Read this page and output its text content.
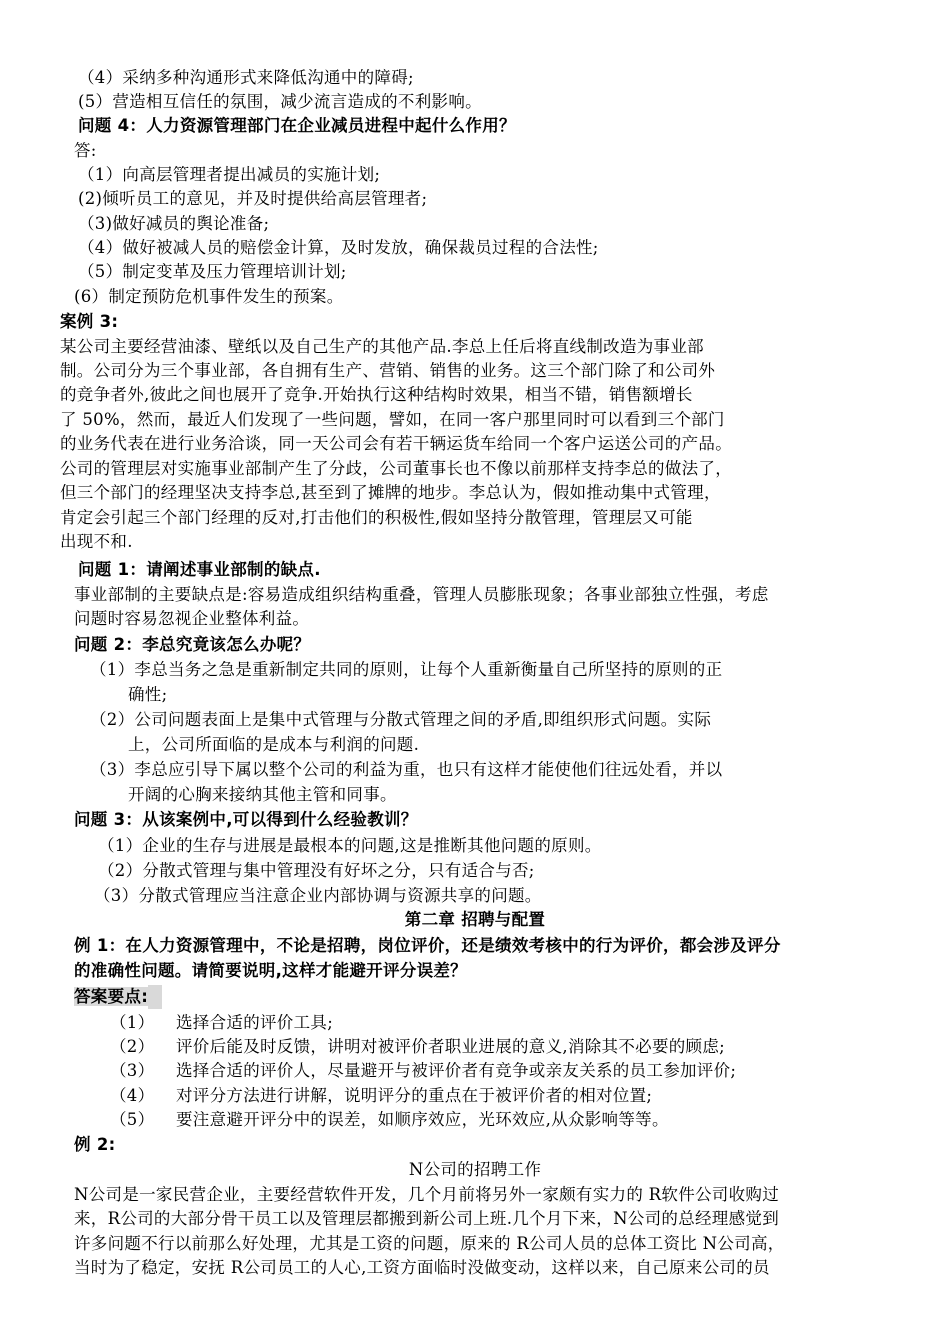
（4）采纳多种沟通形式来降低沟通中的障碍;
(5）营造相互信任的氛围，减少流言造成的不利影响。
问题 4：人力资源管理部门在企业减员进程中起什么作用？
答:
（1）向高层管理者提出减员的实施计划;
(2)倾听员工的意见，并及时提供给高层管理者;
（3)做好减员的舆论准备;
（4）做好被减人员的赔偿金计算，及时发放，确保裁员过程的合法性;
（5）制定变革及压力管理培训计划;
(6）制定预防危机事件发生的预案。
案例 3:
某公司主要经营油漆、壁纸以及自己生产的其他产品.李总上任后将直线制改造为事业部
制。公司分为三个事业部，各自拥有生产、营销、销售的业务。这三个部门除了和公司外
的竞争者外,彼此之间也展开了竞争.开始执行这种结构时效果，相当不错，销售额增长
了 50%，然而，最近人们发现了一些问题，譬如，在同一客户那里同时可以看到三个部门
的业务代表在进行业务洽谈，同一天公司会有若干辆运货车给同一个客户运送公司的产品。
公司的管理层对实施事业部制产生了分歧，公司董事长也不像以前那样支持李总的做法了，
但三个部门的经理坚决支持李总,甚至到了摊牌的地步。李总认为，假如推动集中式管理，
肯定会引起三个部门经理的反对,打击他们的积极性,假如坚持分散管理，管理层又可能
出现不和.
问题 1：请阐述事业部制的缺点.
事业部制的主要缺点是:容易造成组织结构重叠，管理人员膨胀现象；各事业部独立性强，考虑
问题时容易忽视企业整体利益。
问题 2：李总究竟该怎么办呢？
（1）李总当务之急是重新制定共同的原则，让每个人重新衡量自己所坚持的原则的正
确性;
（2）公司问题表面上是集中式管理与分散式管理之间的矛盾,即组织形式问题。实际
上，公司所面临的是成本与利润的问题.
（3）李总应引导下属以整个公司的利益为重，也只有这样才能使他们往远处看，并以
开阔的心胸来接纳其他主管和同事。
问题 3：从该案例中,可以得到什么经验教训？
（1）企业的生存与进展是最根本的问题,这是推断其他问题的原则。
（2）分散式管理与集中管理没有好坏之分，只有适合与否;
（3）分散式管理应当注意企业内部协调与资源共享的问题。
第二章 招聘与配置
例 1：在人力资源管理中，不论是招聘，岗位评价，还是绩效考核中的行为评价，都会涉及评分
的准确性问题。请简要说明,这样才能避开评分误差？
答案要点:
（1） 选择合适的评价工具;
（2） 评价后能及时反馈，讲明对被评价者职业进展的意义,消除其不必要的顾虑;
（3） 选择合适的评价人，尽量避开与被评价者有竞争或亲友关系的员工参加评价;
（4） 对评分方法进行讲解，说明评分的重点在于被评价者的相对位置;
（5） 要注意避开评分中的误差，如顺序效应，光环效应,从众影响等等。
例 2:
N公司的招聘工作
N公司是一家民营企业，主要经营软件开发，几个月前将另外一家颇有实力的 R软件公司收购过
来，R公司的大部分骨干员工以及管理层都搬到新公司上班.几个月下来，N公司的总经理感觉到
许多问题不行以前那么好处理，尤其是工资的问题，原来的 R公司人员的总体工资比 N公司高，
当时为了稳定，安抚 R公司员工的人心,工资方面临时没做变动，这样以来，自己原来公司的员
